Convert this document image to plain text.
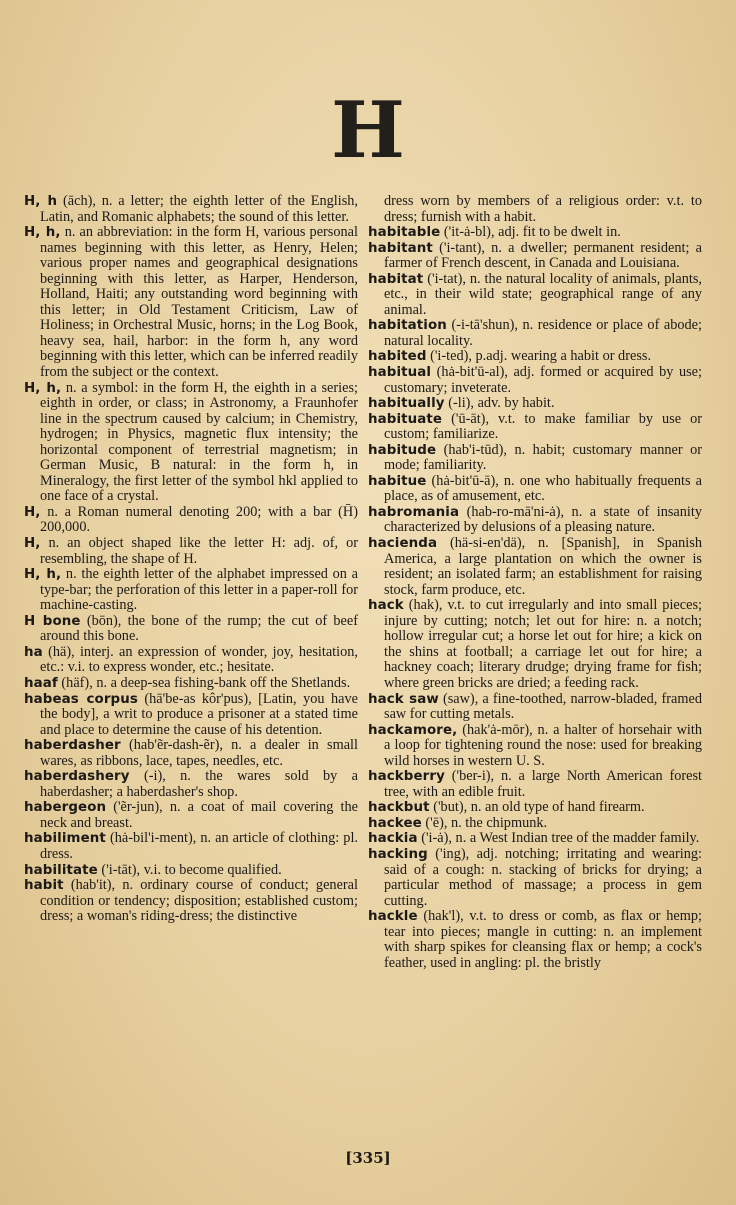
H

H, h (āch), n. a letter; the eighth letter of the English, Latin, and Romanic alphabets; the sound of this letter.

H, h, n. an abbreviation: in the form H, various personal names beginning with this letter, as Henry, Helen; various proper names and geographical designations beginning with this letter, as Harper, Henderson, Holland, Haiti; any outstanding word beginning with this letter; in Old Testament Criticism, Law of Holiness; in Orchestral Music, horns; in the Log Book, heavy sea, hail, harbor: in the form h, any word beginning with this letter, which can be inferred readily from the subject or the context.

H, h, n. a symbol: in the form H, the eighth in a series; eighth in order, or class; in Astronomy, a Fraunhofer line in the spectrum caused by calcium; in Chemistry, hydrogen; in Physics, magnetic flux intensity; the horizontal component of terrestrial magnetism; in German Music, B natural: in the form h, in Mineralogy, the first letter of the symbol hkl applied to one face of a crystal.

H, n. a Roman numeral denoting 200; with a bar (H̄) 200,000.

H, n. an object shaped like the letter H: adj. of, or resembling, the shape of H.

H, h, n. the eighth letter of the alphabet impressed on a type-bar; the perforation of this letter in a paper-roll for machine-casting.

H bone (bōn), the bone of the rump; the cut of beef around this bone.

ha (hä), interj. an expression of wonder, joy, hesitation, etc.: v.i. to express wonder, etc.; hesitate.

haaf (häf), n. a deep-sea fishing-bank off the Shetlands.

habeas corpus (hā'be-as kôr'pus), [Latin, you have the body], a writ to produce a prisoner at a stated time and place to determine the cause of his detention.

haberdasher (hab'ẽr-dash-ẽr), n. a dealer in small wares, as ribbons, lace, tapes, needles, etc.

haberdashery (-i), n. the wares sold by a haberdasher; a haberdasher's shop.

habergeon ('ẽr-jun), n. a coat of mail covering the neck and breast.

habiliment (hȧ-bil'i-ment), n. an article of clothing: pl. dress.

habilitate ('i-tāt), v.i. to become qualified.

habit (hab'it), n. ordinary course of conduct; general condition or tendency; disposition; established custom; dress; a woman's riding-dress; the distinctive

dress worn by members of a religious order: v.t. to dress; furnish with a habit.

habitable ('it-ȧ-bl), adj. fit to be dwelt in.

habitant ('i-tant), n. a dweller; permanent resident; a farmer of French descent, in Canada and Louisiana.

habitat ('i-tat), n. the natural locality of animals, plants, etc., in their wild state; geographical range of any animal.

habitation (-i-tā'shun), n. residence or place of abode; natural locality.

habited ('i-ted), p.adj. wearing a habit or dress.

habitual (hȧ-bit'ū-al), adj. formed or acquired by use; customary; inveterate.

habitually (-li), adv. by habit.

habituate ('ū-āt), v.t. to make familiar by use or custom; familiarize.

habitude (hab'i-tūd), n. habit; customary manner or mode; familiarity.

habitue (hȧ-bit'ū-ā), n. one who habitually frequents a place, as of amusement, etc.

habromania (hab-ro-mā'ni-ȧ), n. a state of insanity characterized by delusions of a pleasing nature.

hacienda (hä-si-en'dä), n. [Spanish], in Spanish America, a large plantation on which the owner is resident; an isolated farm; an establishment for raising stock, farm produce, etc.

hack (hak), v.t. to cut irregularly and into small pieces; injure by cutting; notch; let out for hire: n. a notch; hollow irregular cut; a horse let out for hire; a kick on the shins at football; a carriage let out for hire; a hackney coach; literary drudge; drying frame for fish; where green bricks are dried; a feeding rack.

hack saw (saw), a fine-toothed, narrow-bladed, framed saw for cutting metals.

hackamore, (hak'ȧ-mōr), n. a halter of horsehair with a loop for tightening round the nose: used for breaking wild horses in western U. S.

hackberry ('ber-i), n. a large North American forest tree, with an edible fruit.

hackbut ('but), n. an old type of hand firearm.

hackee ('ē), n. the chipmunk.

hackia ('i-ȧ), n. a West Indian tree of the madder family.

hacking ('ing), adj. notching; irritating and wearing: said of a cough: n. stacking of bricks for drying; a particular method of massage; a process in gem cutting.

hackle (hak'l), v.t. to dress or comb, as flax or hemp; tear into pieces; mangle in cutting: n. an implement with sharp spikes for cleansing flax or hemp; a cock's feather, used in angling: pl. the bristly

[335]
